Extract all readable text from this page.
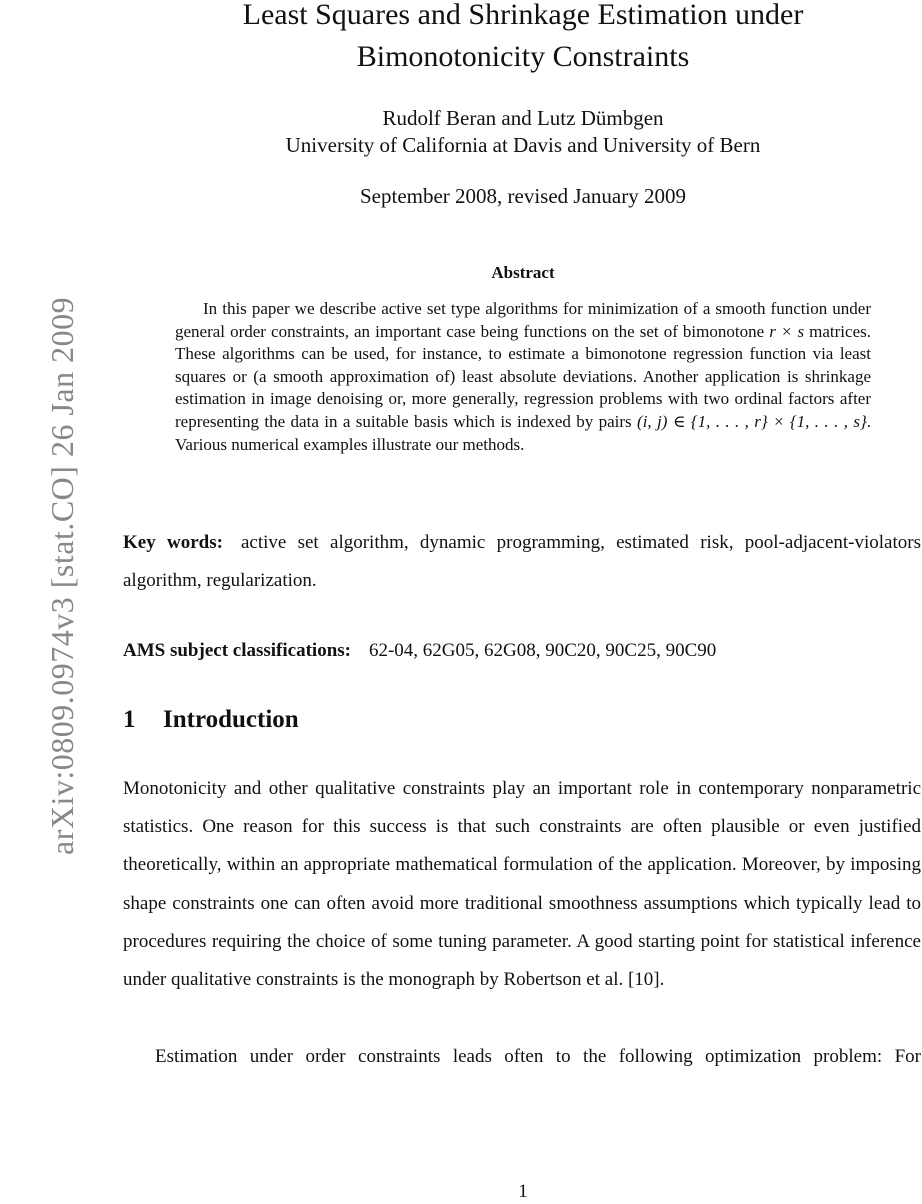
arXiv:0809.0974v3 [stat.CO] 26 Jan 2009
Least Squares and Shrinkage Estimation under
Bimonotonicity Constraints
Rudolf Beran and Lutz Dümbgen
University of California at Davis and University of Bern
September 2008, revised January 2009
Abstract

In this paper we describe active set type algorithms for minimization of a smooth function under general order constraints, an important case being functions on the set of bimonotone r × s matrices. These algorithms can be used, for instance, to estimate a bimonotone regression function via least squares or (a smooth approximation of) least absolute deviations. Another application is shrinkage estimation in image denoising or, more generally, regression problems with two ordinal factors after representing the data in a suitable basis which is indexed by pairs (i, j) ∈ {1, . . . , r} × {1, . . . , s}. Various numerical examples illustrate our methods.

Key words: active set algorithm, dynamic programming, estimated risk, pool-adjacent-violators algorithm, regularization.

AMS subject classifications: 62-04, 62G05, 62G08, 90C20, 90C25, 90C90

1 Introduction

Monotonicity and other qualitative constraints play an important role in contemporary nonparametric statistics. One reason for this success is that such constraints are often plausible or even justified theoretically, within an appropriate mathematical formulation of the application. Moreover, by imposing shape constraints one can often avoid more traditional smoothness assumptions which typically lead to procedures requiring the choice of some tuning parameter. A good starting point for statistical inference under qualitative constraints is the monograph by Robertson et al. [10].

Estimation under order constraints leads often to the following optimization problem: For

1
